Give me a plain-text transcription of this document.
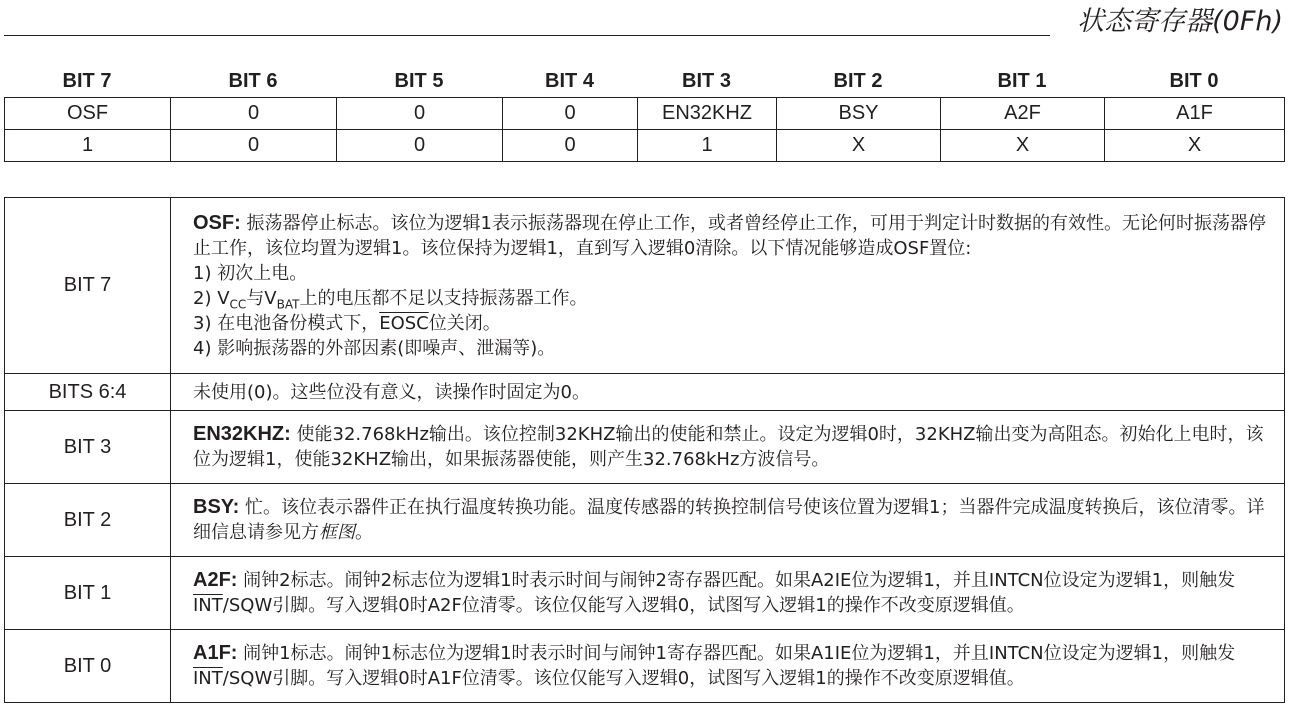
状态寄存器(0Fh)
BIT 7	BIT 6	BIT 5	BIT 4	BIT 3	BIT 2	BIT 1	BIT 0
OSF	0	0	0	EN32KHZ	BSY	A2F	A1F
1	0	0	0	1	X	X	X
BIT 7	OSF: 振荡器停止标志。该位为逻辑1表示振荡器现在停止工作，或者曾经停止工作，可用于判定计时数据的有效性。无论何时振荡器停止工作，该位均置为逻辑1。该位保持为逻辑1，直到写入逻辑0清除。以下情况能够造成OSF置位:
1) 初次上电。
2) $V_{CC}$与$V_{BAT}$上的电压都不足以支持振荡器工作。
3) 在电池备份模式下，EOSC位关闭。
4) 影响振荡器的外部因素(即噪声、泄漏等)。
BITS 6:4	未使用(0)。这些位没有意义，读操作时固定为0。
BIT 3	EN32KHZ: 使能32.768kHz输出。该位控制32KHZ输出的使能和禁止。设定为逻辑0时，32KHZ输出变为高阻态。初始化上电时，该位为逻辑1，使能32KHZ输出，如果振荡器使能，则产生32.768kHz方波信号。
BIT 2	BSY: 忙。该位表示器件正在执行温度转换功能。温度传感器的转换控制信号使该位置为逻辑1；当器件完成温度转换后，该位清零。详细信息请参见方框图。
BIT 1	A2F: 闹钟2标志。闹钟2标志位为逻辑1时表示时间与闹钟2寄存器匹配。如果A2IE位为逻辑1，并且INTCN位设定为逻辑1，则触发$\overline{INT}$/SQW引脚。写入逻辑0时A2F位清零。该位仅能写入逻辑0，试图写入逻辑1的操作不改变原逻辑值。
BIT 0	A1F: 闹钟1标志。闹钟1标志位为逻辑1时表示时间与闹钟1寄存器匹配。如果A1IE位为逻辑1，并且INTCN位设定为逻辑1，则触发$\overline{INT}$/SQW引脚。写入逻辑0时A1F位清零。该位仅能写入逻辑0，试图写入逻辑1的操作不改变原逻辑值。
